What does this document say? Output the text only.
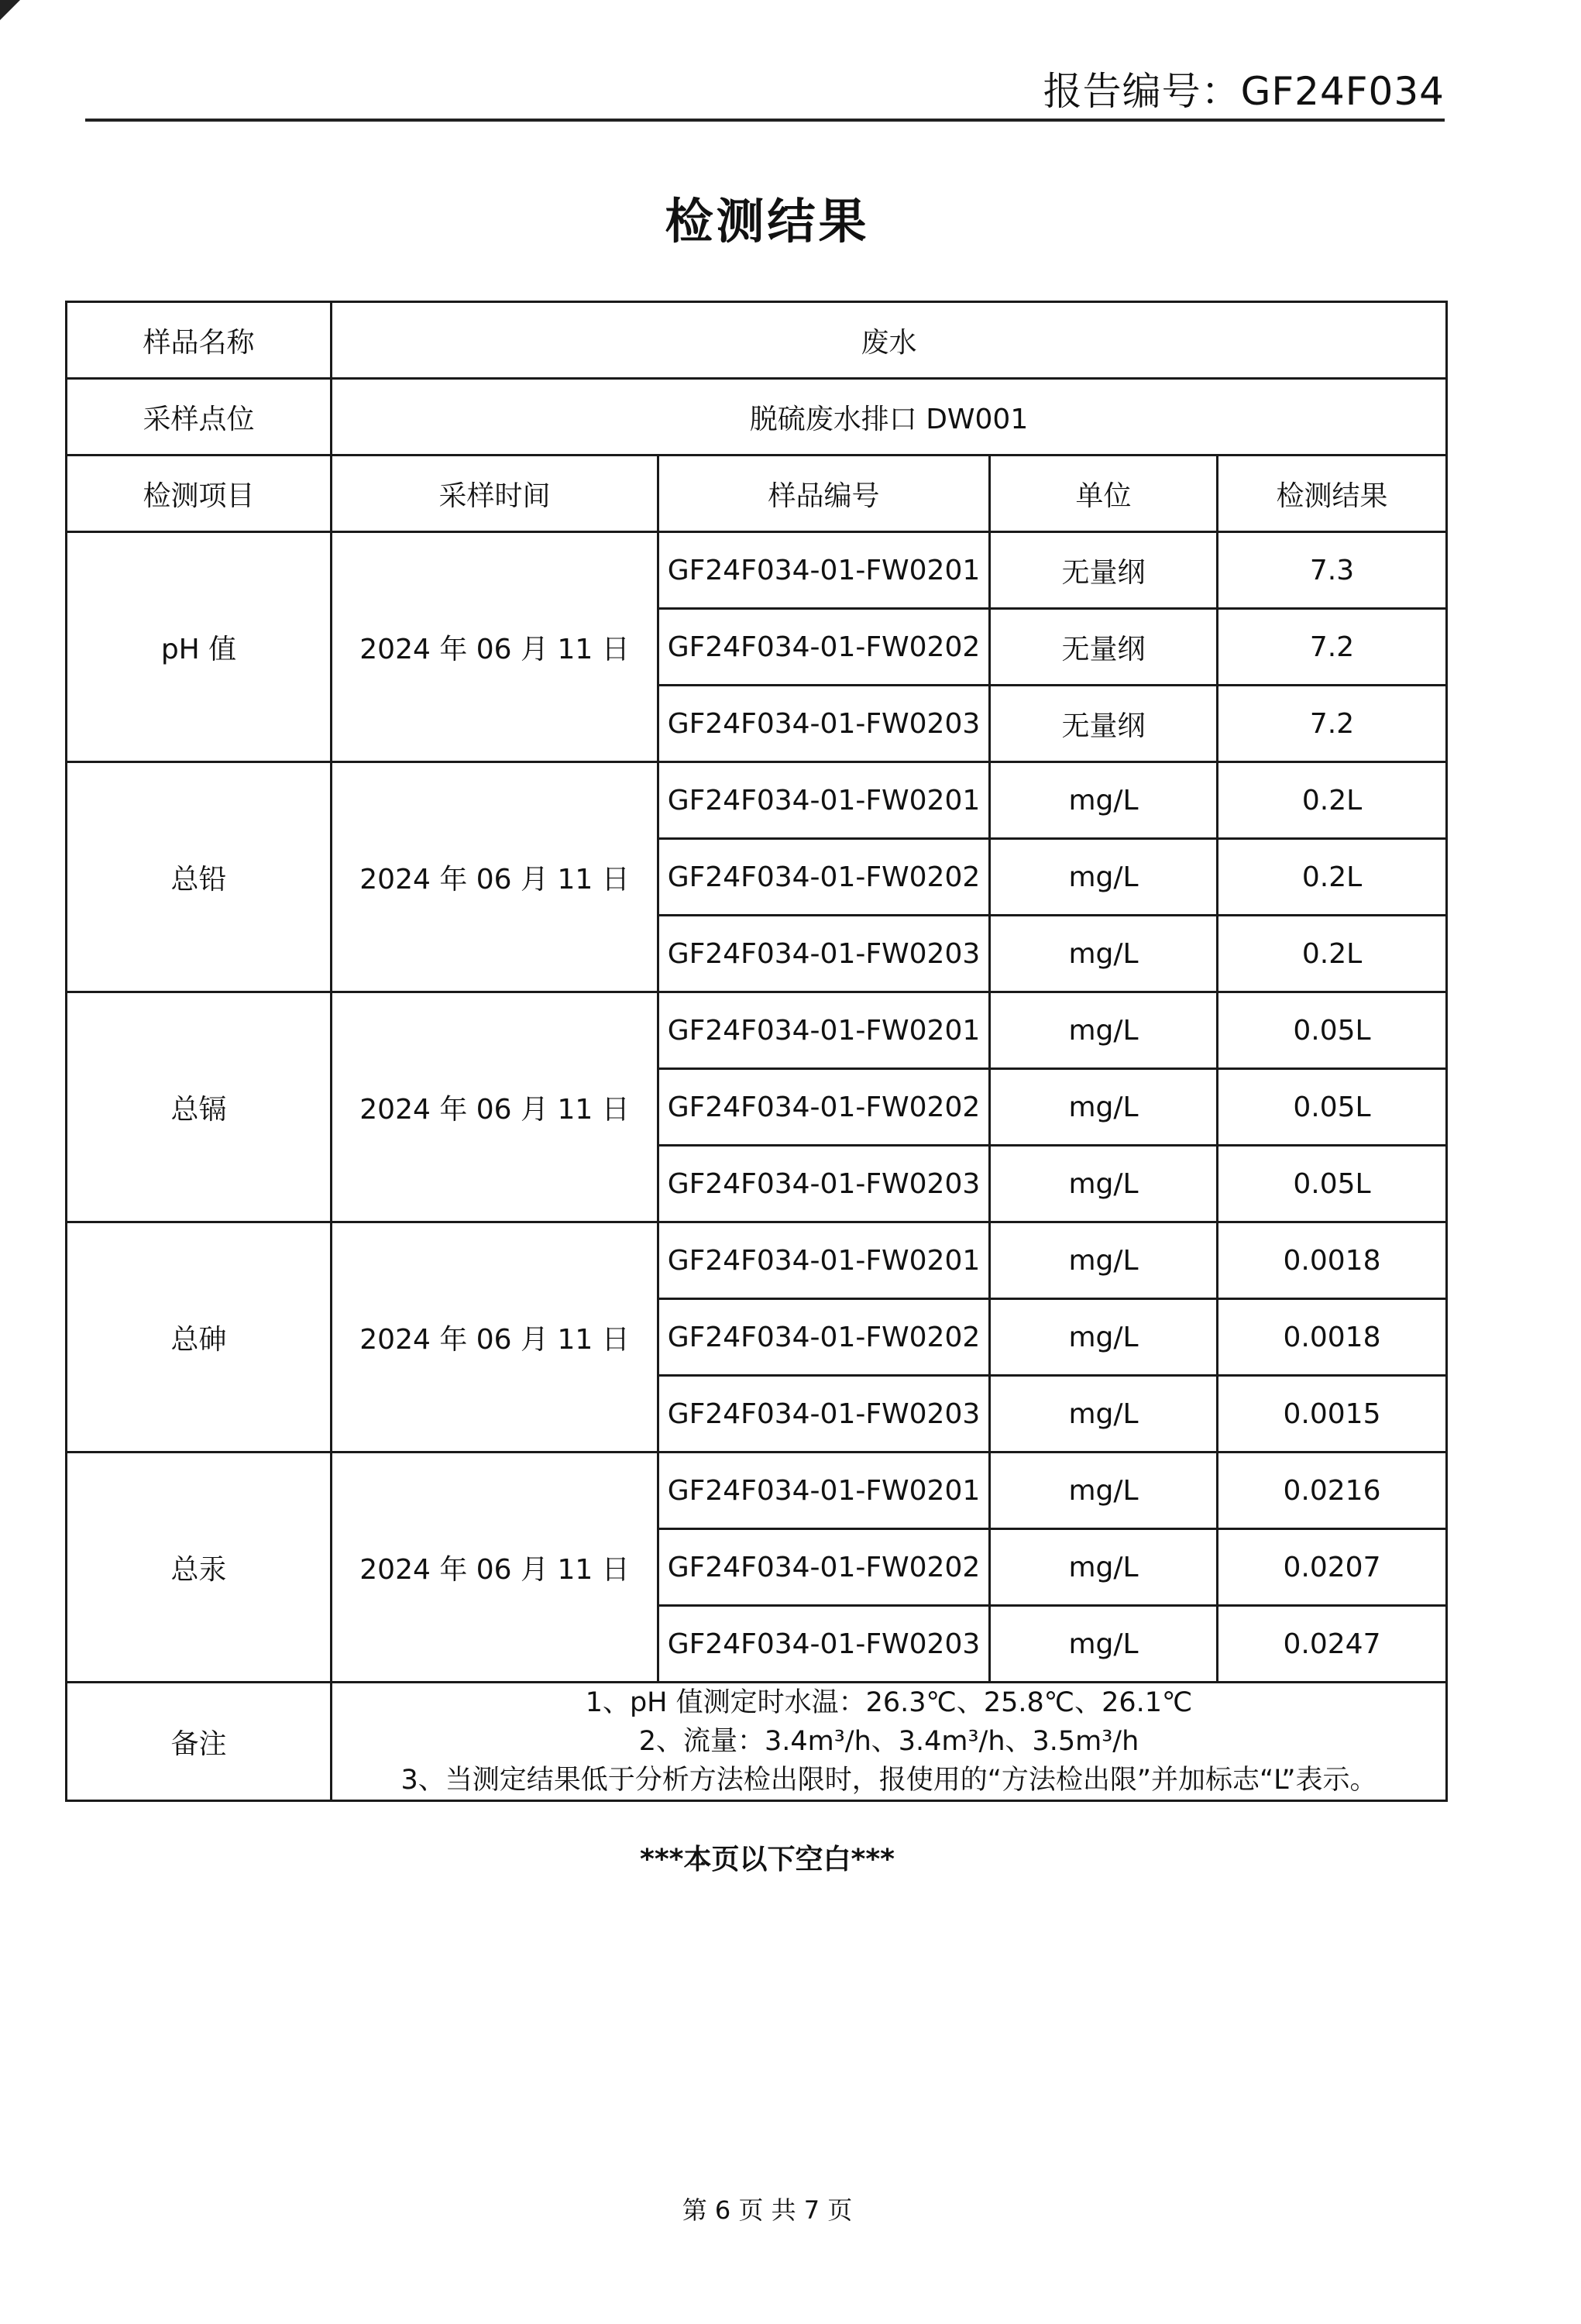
报告编号：GF24F034
检测结果
样品名称	废水			
采样点位	脱硫废水排口 DW001			
检测项目	采样时间	样品编号	单位	检测结果
pH 值	2024 年 06 月 11 日	GF24F034-01-FW0201	无量纲	7.3
		GF24F034-01-FW0202	无量纲	7.2
		GF24F034-01-FW0203	无量纲	7.2
总铅	2024 年 06 月 11 日	GF24F034-01-FW0201	mg/L	0.2L
		GF24F034-01-FW0202	mg/L	0.2L
		GF24F034-01-FW0203	mg/L	0.2L
总镉	2024 年 06 月 11 日	GF24F034-01-FW0201	mg/L	0.05L
		GF24F034-01-FW0202	mg/L	0.05L
		GF24F034-01-FW0203	mg/L	0.05L
总砷	2024 年 06 月 11 日	GF24F034-01-FW0201	mg/L	0.0018
		GF24F034-01-FW0202	mg/L	0.0018
		GF24F034-01-FW0203	mg/L	0.0015
总汞	2024 年 06 月 11 日	GF24F034-01-FW0201	mg/L	0.0216
		GF24F034-01-FW0202	mg/L	0.0207
		GF24F034-01-FW0203	mg/L	0.0247
备注	1、pH 值测定时水温：26.3℃、25.8℃、26.1℃
2、流量：3.4m³/h、3.4m³/h、3.5m³/h
3、当测定结果低于分析方法检出限时，报使用的“方法检出限”并加标志“L”表示。			
***本页以下空白***
第 6 页 共 7 页
